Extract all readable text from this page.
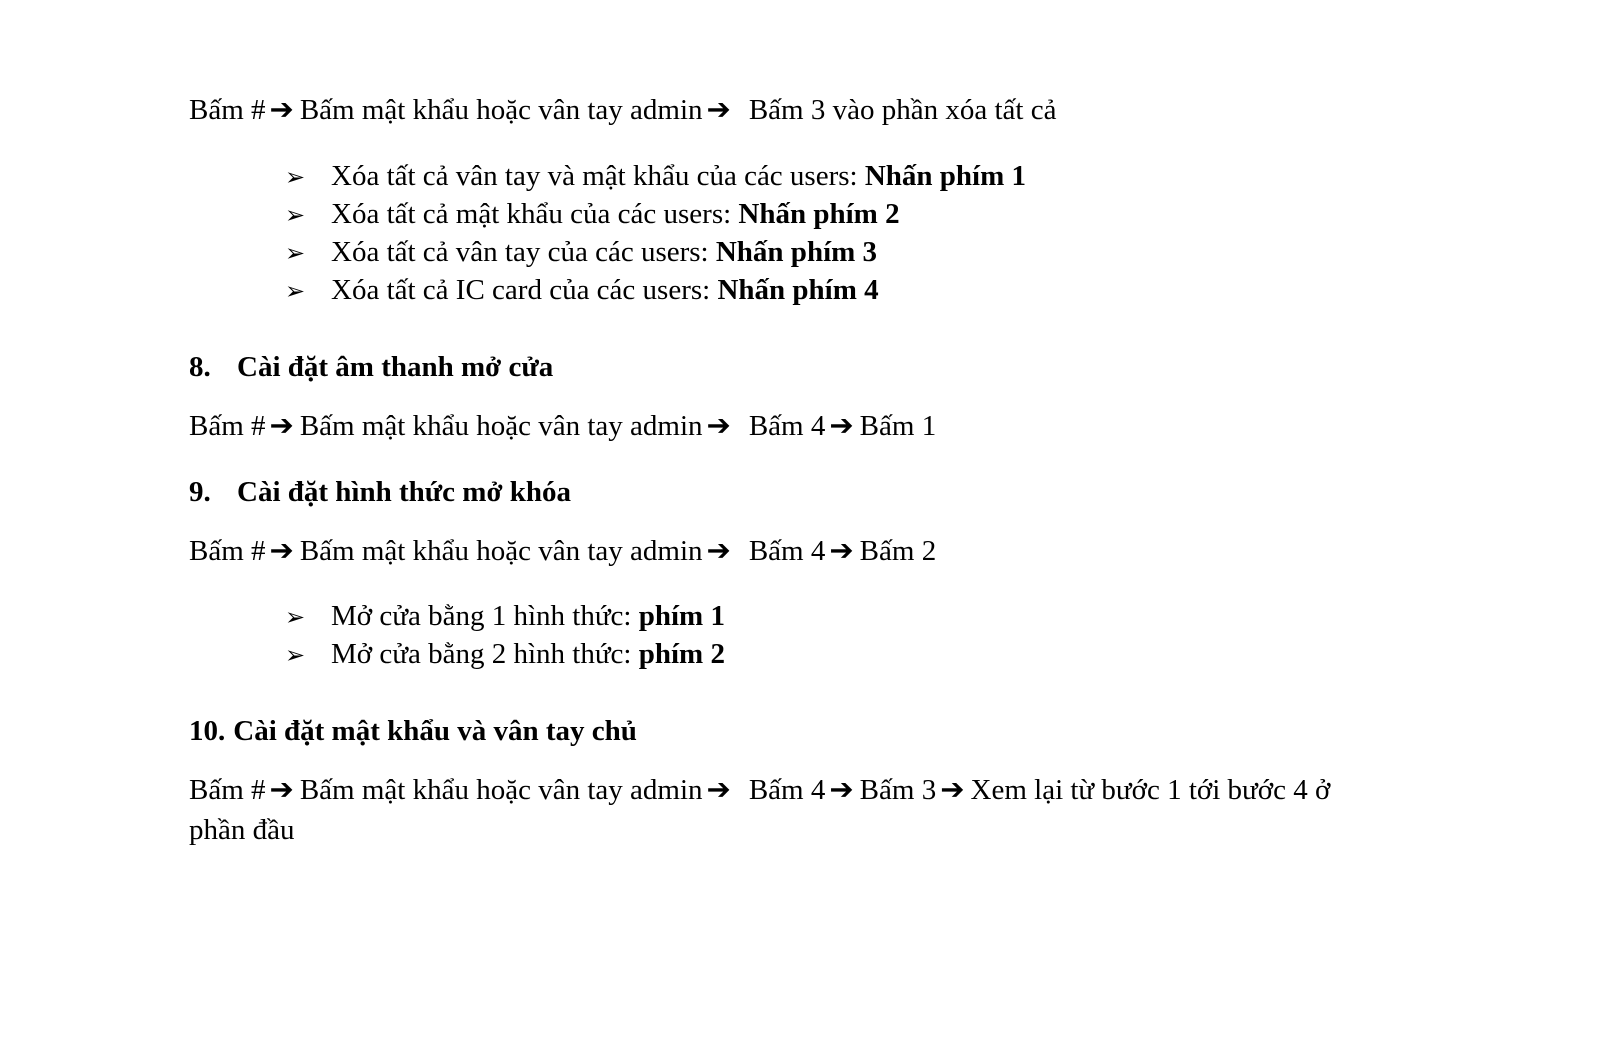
Bấm # ➔ Bấm mật khẩu hoặc vân tay admin ➔ Bấm 3 vào phần xóa tất cả
➢ Xóa tất cả vân tay và mật khẩu của các users: Nhấn phím 1
➢ Xóa tất cả mật khẩu của các users: Nhấn phím 2
➢ Xóa tất cả vân tay của các users: Nhấn phím 3
➢ Xóa tất cả IC card của các users: Nhấn phím 4
8. Cài đặt âm thanh mở cửa
Bấm # ➔ Bấm mật khẩu hoặc vân tay admin ➔ Bấm 4 ➔ Bấm 1
9. Cài đặt hình thức mở khóa
Bấm # ➔ Bấm mật khẩu hoặc vân tay admin ➔ Bấm 4 ➔ Bấm 2
➢ Mở cửa bằng 1 hình thức: phím 1
➢ Mở cửa bằng 2 hình thức: phím 2
10. Cài đặt mật khẩu và vân tay chủ
Bấm # ➔ Bấm mật khẩu hoặc vân tay admin ➔ Bấm 4 ➔ Bấm 3 ➔ Xem lại từ bước 1 tới bước 4 ở
phần đầu
